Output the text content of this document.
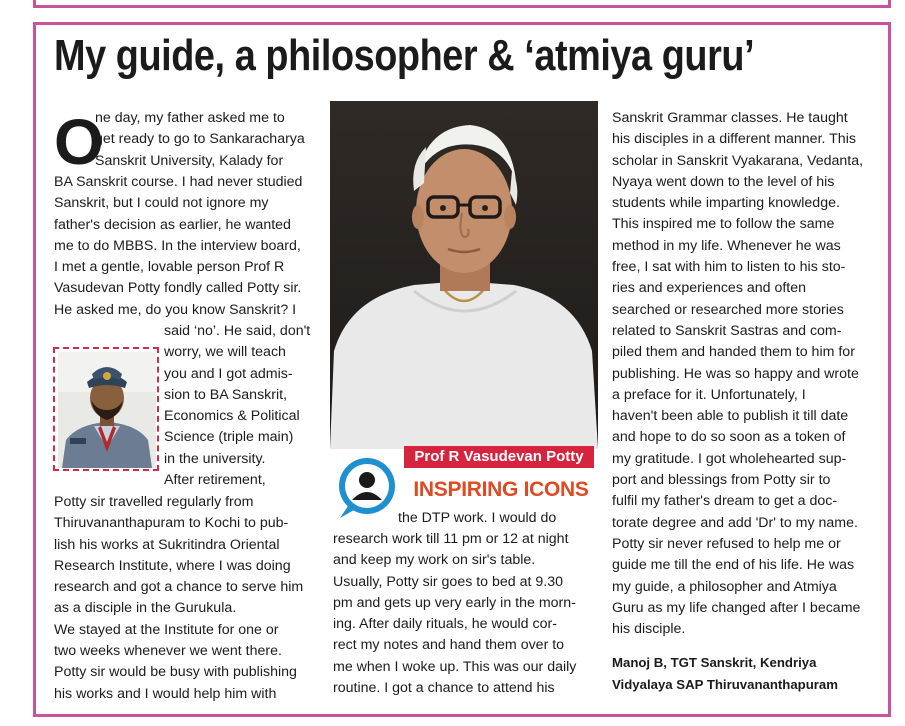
My guide, a philosopher & ‘atmiya guru’
O
ne day, my father asked me to
get ready to go to Sankaracharya
Sanskrit University, Kalady for
BA Sanskrit course. I had never studied
Sanskrit, but I could not ignore my
father's decision as earlier, he wanted
me to do MBBS. In the interview board,
I met a gentle, lovable person Prof R
Vasudevan Potty fondly called Potty sir.
He asked me, do you know Sanskrit? I
said ‘no’. He said, don't
worry, we will teach
you and I got admis-
sion to BA Sanskrit,
Economics & Political
Science (triple main)
in the university.
After retirement,
Potty sir travelled regularly from
Thiruvananthapuram to Kochi to pub-
lish his works at Sukritindra Oriental
Research Institute, where I was doing
research and got a chance to serve him
as a disciple in the Gurukula.
We stayed at the Institute for one or
two weeks whenever we went there.
Potty sir would be busy with publishing
his works and I would help him with
Prof R Vasudevan Potty
INSPIRING ICONS
the DTP work. I would do
research work till 11 pm or 12 at night
and keep my work on sir's table.
Usually, Potty sir goes to bed at 9.30
pm and gets up very early in the morn-
ing. After daily rituals, he would cor-
rect my notes and hand them over to
me when I woke up. This was our daily
routine. I got a chance to attend his
Sanskrit Grammar classes. He taught
his disciples in a different manner. This
scholar in Sanskrit Vyakarana, Vedanta,
Nyaya went down to the level of his
students while imparting knowledge.
This inspired me to follow the same
method in my life. Whenever he was
free, I sat with him to listen to his sto-
ries and experiences and often
searched or researched more stories
related to Sanskrit Sastras and com-
piled them and handed them to him for
publishing. He was so happy and wrote
a preface for it. Unfortunately, I
haven't been able to publish it till date
and hope to do so soon as a token of
my gratitude. I got wholehearted sup-
port and blessings from Potty sir to
fulfil my father's dream to get a doc-
torate degree and add 'Dr' to my name.
Potty sir never refused to help me or
guide me till the end of his life. He was
my guide, a philosopher and Atmiya
Guru as my life changed after I became
his disciple.
Manoj B, TGT Sanskrit, Kendriya
Vidyalaya SAP Thiruvananthapuram
